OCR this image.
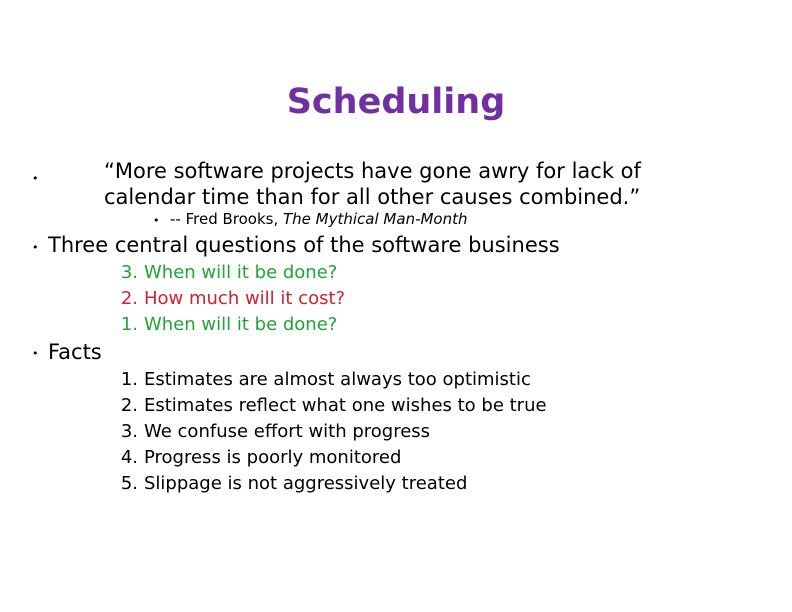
Scheduling
•	“More software projects have gone awry for lack of
calendar time than for all other causes combined.”
• -- Fred Brooks, The Mythical Man-Month
• Three central questions of the software business
3. When will it be done?
2. How much will it cost?
1. When will it be done?
• Facts
1. Estimates are almost always too optimistic
2. Estimates reflect what one wishes to be true
3. We confuse effort with progress
4. Progress is poorly monitored
5. Slippage is not aggressively treated
